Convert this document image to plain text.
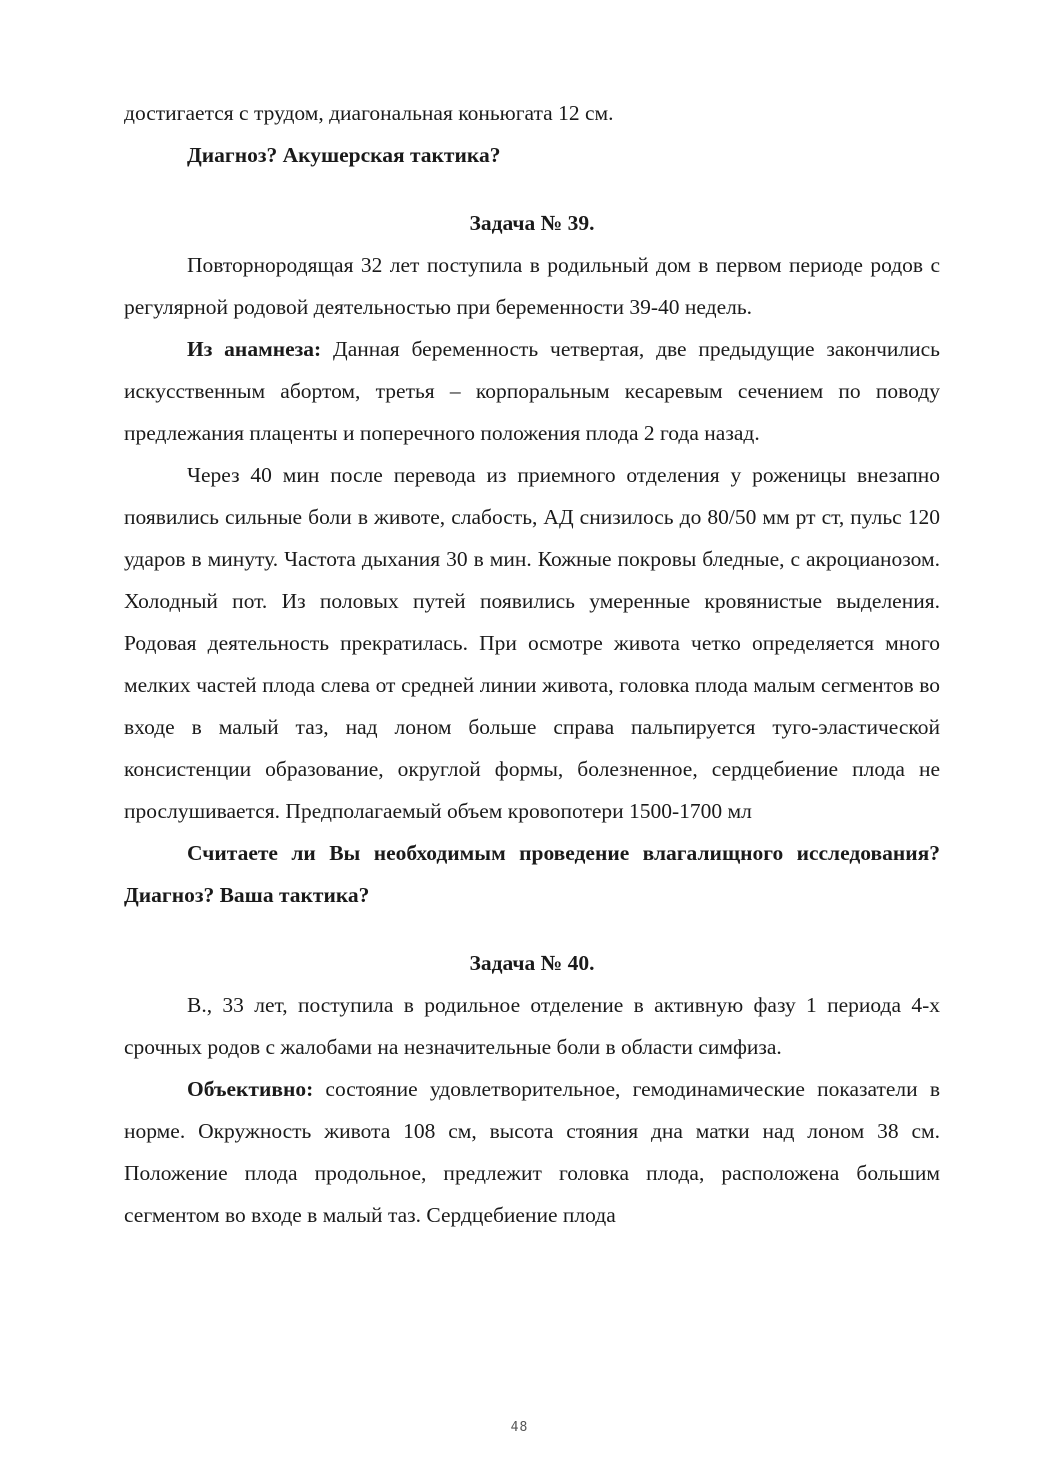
достигается с трудом, диагональная коньюгата 12 см.

Диагноз? Акушерская тактика?

Задача № 39.

Повторнородящая 32 лет поступила в родильный дом в первом периоде родов с регулярной родовой деятельностью при беременности 39-40 недель.

Из анамнеза: Данная беременность четвертая, две предыдущие закончились искусственным абортом, третья – корпоральным кесаревым сечением по поводу предлежания плаценты и поперечного положения плода 2 года назад.

Через 40 мин после перевода из приемного отделения у роженицы внезапно появились сильные боли в животе, слабость, АД снизилось до 80/50 мм рт ст, пульс 120 ударов в минуту. Частота дыхания 30 в мин. Кожные покровы бледные, с акроцианозом. Холодный пот. Из половых путей появились умеренные кровянистые выделения. Родовая деятельность прекратилась. При осмотре живота четко определяется много мелких частей плода слева от средней линии живота, головка плода малым сегментов во входе в малый таз, над лоном больше справа пальпируется туго-эластической консистенции образование, округлой формы, болезненное, сердцебиение плода не прослушивается. Предполагаемый объем кровопотери 1500-1700 мл

Считаете ли Вы необходимым проведение влагалищного исследования? Диагноз? Ваша тактика?

Задача № 40.

В., 33 лет, поступила в родильное отделение в активную фазу 1 периода 4-х срочных родов с жалобами на незначительные боли в области симфиза.

Объективно: состояние удовлетворительное, гемодинамические показатели в норме. Окружность живота 108 см, высота стояния дна матки над лоном 38 см. Положение плода продольное, предлежит головка плода, расположена большим сегментом во входе в малый таз. Сердцебиение плода

48
